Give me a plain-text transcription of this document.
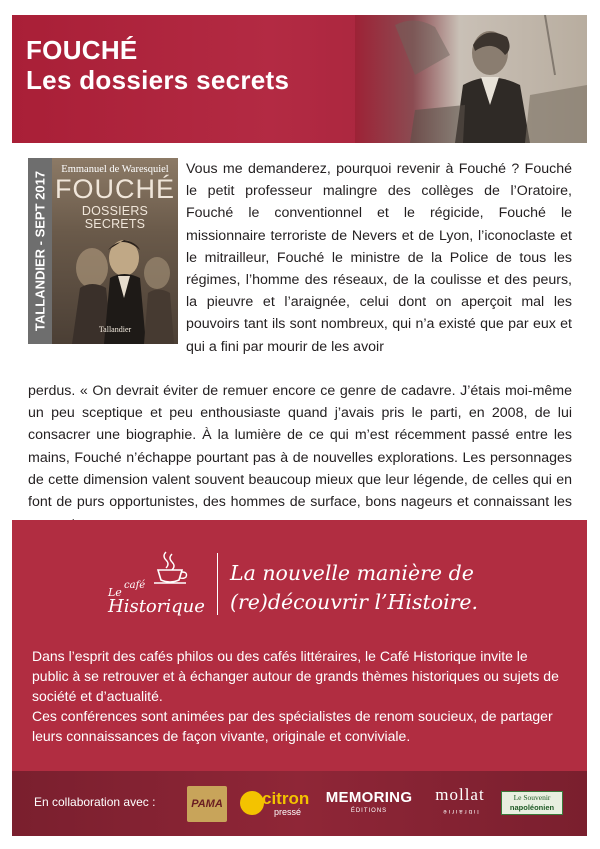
FOUCHÉ
Les dossiers secrets
TALLANDIER - SEPT 2017
Emmanuel de Waresquiel
FOUCHÉ
DOSSIERS SECRETS
Tallandier
Vous me demanderez, pourquoi revenir à Fouché ? Fouché le petit professeur malingre des collèges de l’Oratoire, Fouché le conventionnel et le régicide, Fouché le missionnaire terroriste de Nevers et de Lyon, l’iconoclaste et le mitrailleur, Fouché le ministre de la Police de tous les régimes, l’homme des réseaux, de la coulisse et des peurs, la pieuvre et l’araignée, celui dont on aperçoit mal les pouvoirs tant ils sont nombreux, qui n’a existé que par eux et qui a fini par mourir de les avoir
perdus. « On devrait éviter de remuer encore ce genre de cadavre. J’étais moi-même un peu sceptique et peu enthousiaste quand j’avais pris le parti, en 2008, de lui consacrer une biographie. À la lumière de ce qui m’est récemment passé entre les mains, Fouché n’échappe pourtant pas à de nouvelles explorations. Les personnages de cette dimension valent souvent beaucoup mieux que leur légende, de celles qui en font de purs opportunistes, des hommes de surface, bons nageurs et connaissant les
Le
café
Historique
La nouvelle manière de
(re)découvrir l’Histoire.

Dans l’esprit des cafés philos ou des cafés littéraires, le Café Historique invite le public à se retrouver et à échanger autour de grands thèmes historiques ou sujets de société et d’actualité.

Ces conférences sont animées par des spécialistes de renom soucieux, de partager leurs connaissances de façon vivante, originale et conviviale.

En collaboration avec :	PAMA citron
pressé
MEMORING
ÉDITIONS
mollat
librairie
Le Souvenir
napoléonien
